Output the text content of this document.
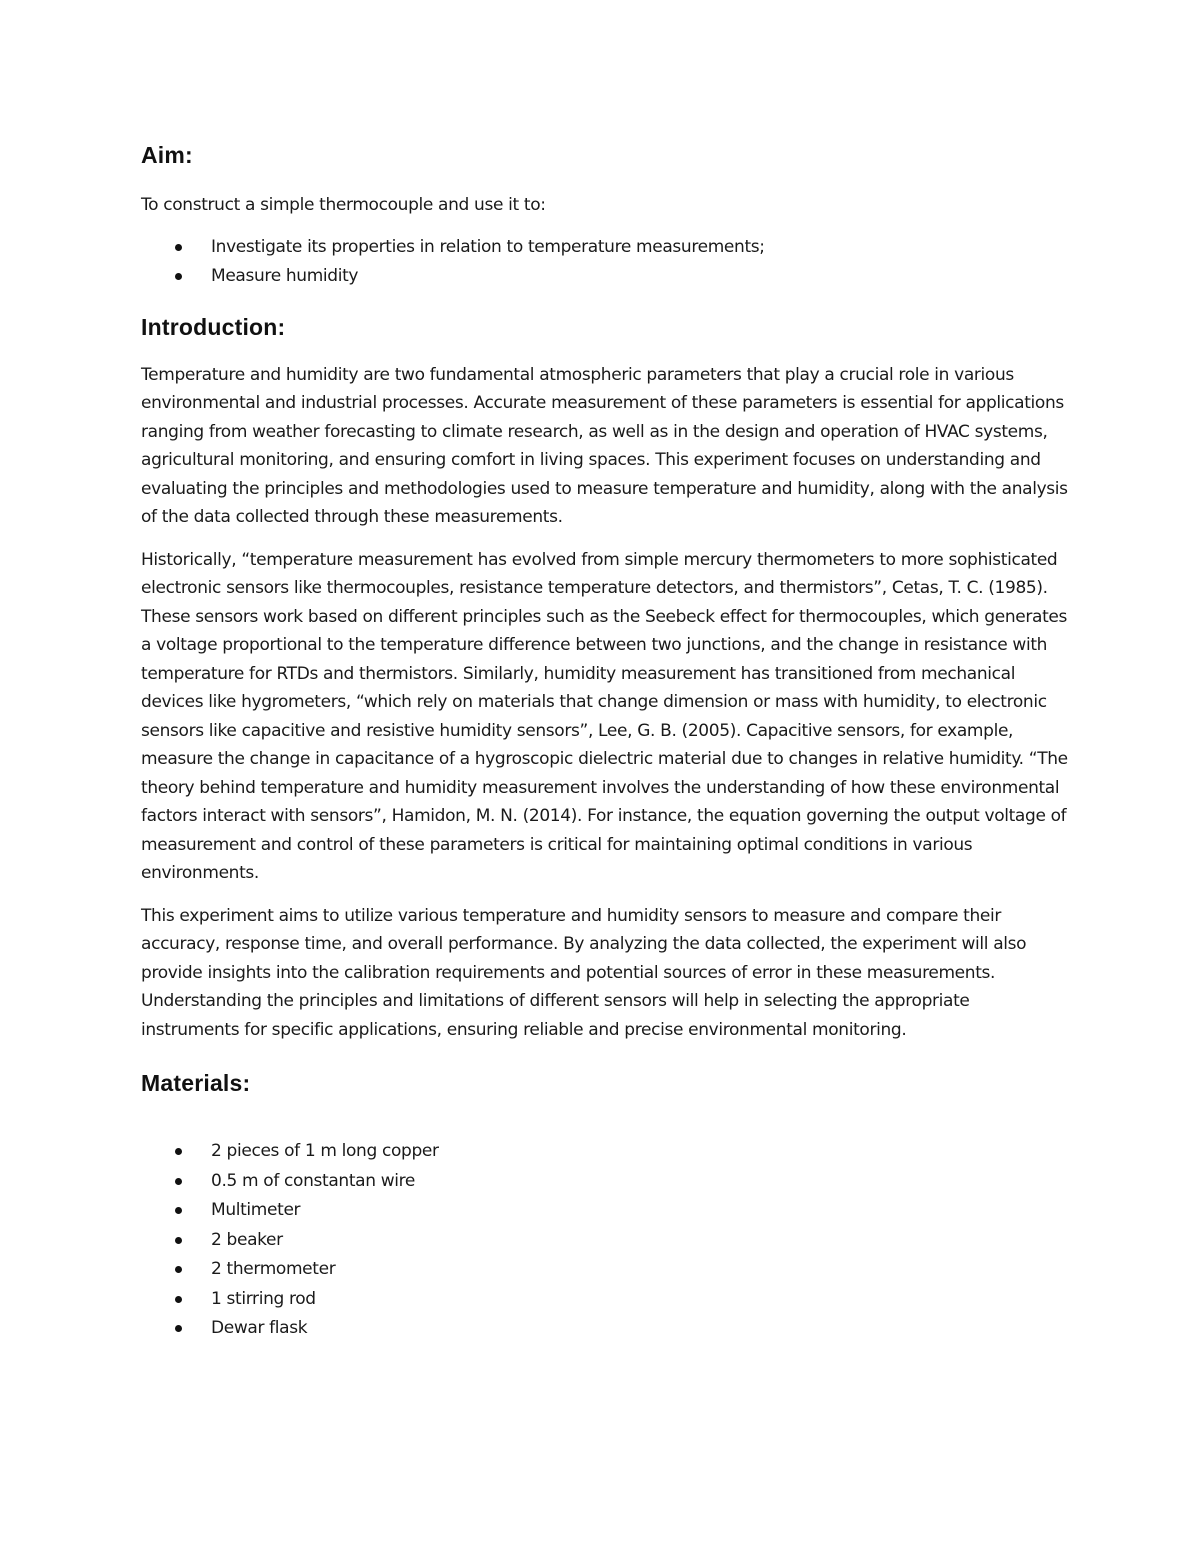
Aim:

To construct a simple thermocouple and use it to:

Investigate its properties in relation to temperature measurements;
Measure humidity
Introduction:

Temperature and humidity are two fundamental atmospheric parameters that play a crucial role in various environmental and industrial processes. Accurate measurement of these parameters is essential for applications ranging from weather forecasting to climate research, as well as in the design and operation of HVAC systems, agricultural monitoring, and ensuring comfort in living spaces. This experiment focuses on understanding and evaluating the principles and methodologies used to measure temperature and humidity, along with the analysis of the data collected through these measurements.

Historically, “temperature measurement has evolved from simple mercury thermometers to more sophisticated electronic sensors like thermocouples, resistance temperature detectors, and thermistors”, Cetas, T. C. (1985). These sensors work based on different principles such as the Seebeck effect for thermocouples, which generates a voltage proportional to the temperature difference between two junctions, and the change in resistance with temperature for RTDs and thermistors. Similarly, humidity measurement has transitioned from mechanical devices like hygrometers, “which rely on materials that change dimension or mass with humidity, to electronic sensors like capacitive and resistive humidity sensors”, Lee, G. B. (2005). Capacitive sensors, for example, measure the change in capacitance of a hygroscopic dielectric material due to changes in relative humidity. “The theory behind temperature and humidity measurement involves the understanding of how these environmental factors interact with sensors”, Hamidon, M. N. (2014). For instance, the equation governing the output voltage of measurement and control of these parameters is critical for maintaining optimal conditions in various environments.

This experiment aims to utilize various temperature and humidity sensors to measure and compare their accuracy, response time, and overall performance. By analyzing the data collected, the experiment will also provide insights into the calibration requirements and potential sources of error in these measurements. Understanding the principles and limitations of different sensors will help in selecting the appropriate instruments for specific applications, ensuring reliable and precise environmental monitoring.

Materials:
2 pieces of 1 m long copper
0.5 m of constantan wire
Multimeter
2 beaker
2 thermometer
1 stirring rod
Dewar flask
